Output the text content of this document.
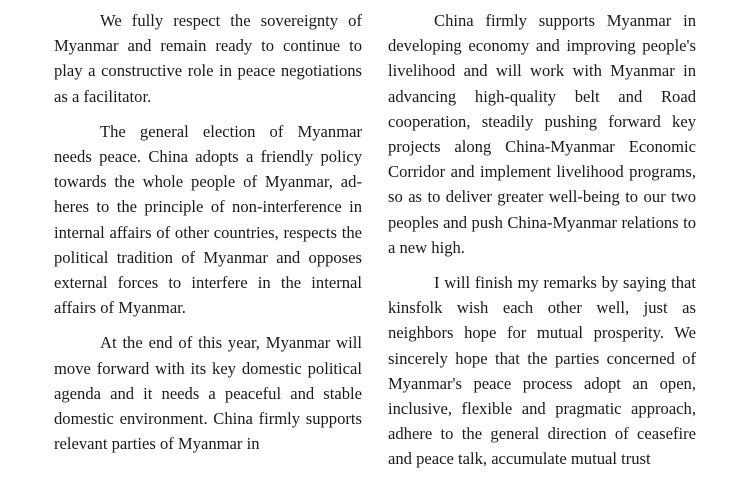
We fully respect the sovereignty of Myanmar and remain ready to continue to play a constructive role in peace negotiations as a facilitator.

The general election of Myanmar needs peace. China adopts a friendly policy towards the whole people of Myanmar, adheres to the principle of non-interference in internal affairs of other countries, respects the political tradition of Myanmar and opposes external forces to interfere in the internal affairs of Myanmar.

At the end of this year, Myanmar will move forward with its key domestic political agenda and it needs a peaceful and stable domestic environment. China firmly supports relevant parties of Myanmar in

China firmly supports Myanmar in developing economy and improving people's livelihood and will work with Myanmar in advancing high-quality belt and Road cooperation, steadily pushing forward key projects along China-Myanmar Economic Corridor and implement livelihood programs, so as to deliver greater well-being to our two peoples and push China-Myanmar relations to a new high.

I will finish my remarks by saying that kinsfolk wish each other well, just as neighbors hope for mutual prosperity. We sincerely hope that the parties concerned of Myanmar's peace process adopt an open, inclusive, flexible and pragmatic approach, adhere to the general direction of ceasefire and peace talk, accumulate mutual trust
